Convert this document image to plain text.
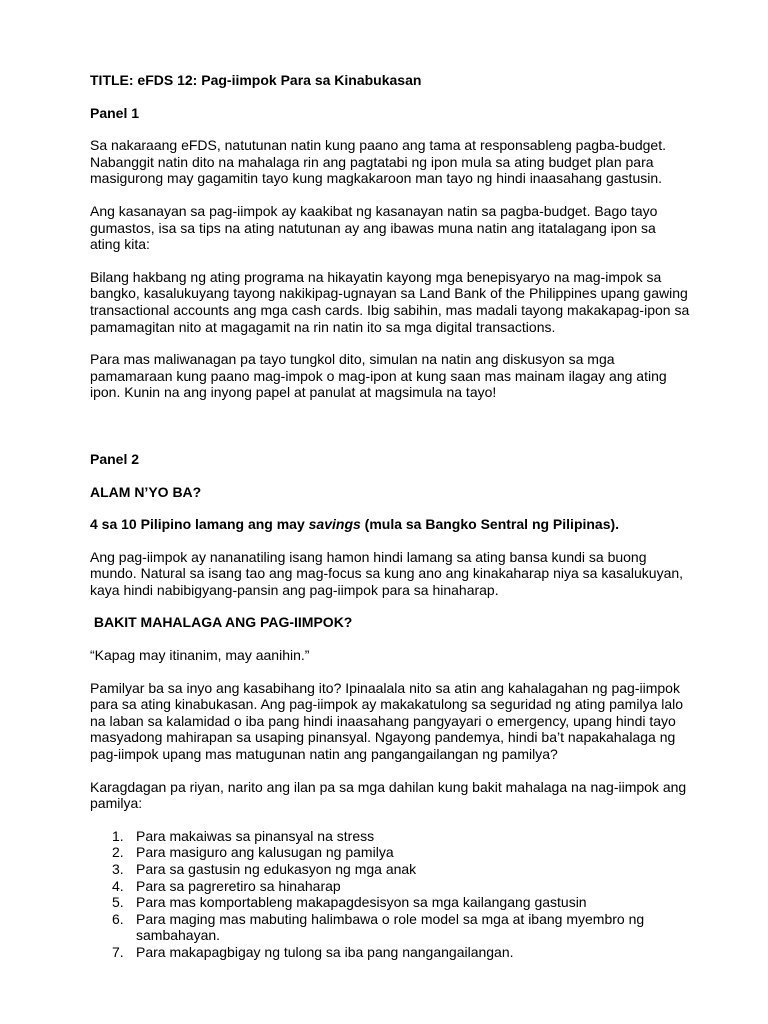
TITLE: eFDS 12: Pag-iimpok Para sa Kinabukasan

Panel 1

Sa nakaraang eFDS, natutunan natin kung paano ang tama at responsableng pagba-budget. Nabanggit natin dito na mahalaga rin ang pagtatabi ng ipon mula sa ating budget plan para masigurong may gagamitin tayo kung magkakaroon man tayo ng hindi inaasahang gastusin.

Ang kasanayan sa pag-iimpok ay kaakibat ng kasanayan natin sa pagba-budget. Bago tayo gumastos, isa sa tips na ating natutunan ay ang ibawas muna natin ang itatalagang ipon sa ating kita:

Bilang hakbang ng ating programa na hikayatin kayong mga benepisyaryo na mag-impok sa bangko, kasalukuyang tayong nakikipag-ugnayan sa Land Bank of the Philippines upang gawing transactional accounts ang mga cash cards. Ibig sabihin, mas madali tayong makakapag-ipon sa pamamagitan nito at magagamit na rin natin ito sa mga digital transactions.

Para mas maliwanagan pa tayo tungkol dito, simulan na natin ang diskusyon sa mga pamamaraan kung paano mag-impok o mag-ipon at kung saan mas mainam ilagay ang ating ipon. Kunin na ang inyong papel at panulat at magsimula na tayo!

Panel 2

ALAM N’YO BA?

4 sa 10 Pilipino lamang ang may savings (mula sa Bangko Sentral ng Pilipinas).

Ang pag-iimpok ay nananatiling isang hamon hindi lamang sa ating bansa kundi sa buong mundo. Natural sa isang tao ang mag-focus sa kung ano ang kinakaharap niya sa kasalukuyan, kaya hindi nabibigyang-pansin ang pag-iimpok para sa hinaharap.

BAKIT MAHALAGA ANG PAG-IIMPOK?

“Kapag may itinanim, may aanihin.”

Pamilyar ba sa inyo ang kasabihang ito? Ipinaalala nito sa atin ang kahalagahan ng pag-iimpok para sa ating kinabukasan. Ang pag-iimpok ay makakatulong sa seguridad ng ating pamilya lalo na laban sa kalamidad o iba pang hindi inaasahang pangyayari o emergency, upang hindi tayo masyadong mahirapan sa usaping pinansyal. Ngayong pandemya, hindi ba’t napakahalaga ng pag-iimpok upang mas matugunan natin ang pangangailangan ng pamilya?

Karagdagan pa riyan, narito ang ilan pa sa mga dahilan kung bakit mahalaga na nag-iimpok ang pamilya:

1. Para makaiwas sa pinansyal na stress
2. Para masiguro ang kalusugan ng pamilya
3. Para sa gastusin ng edukasyon ng mga anak
4. Para sa pagreretiro sa hinaharap
5. Para mas komportableng makapagdesisyon sa mga kailangang gastusin
6. Para maging mas mabuting halimbawa o role model sa mga at ibang myembro ng sambahayan.
7. Para makapagbigay ng tulong sa iba pang nangangailangan.
